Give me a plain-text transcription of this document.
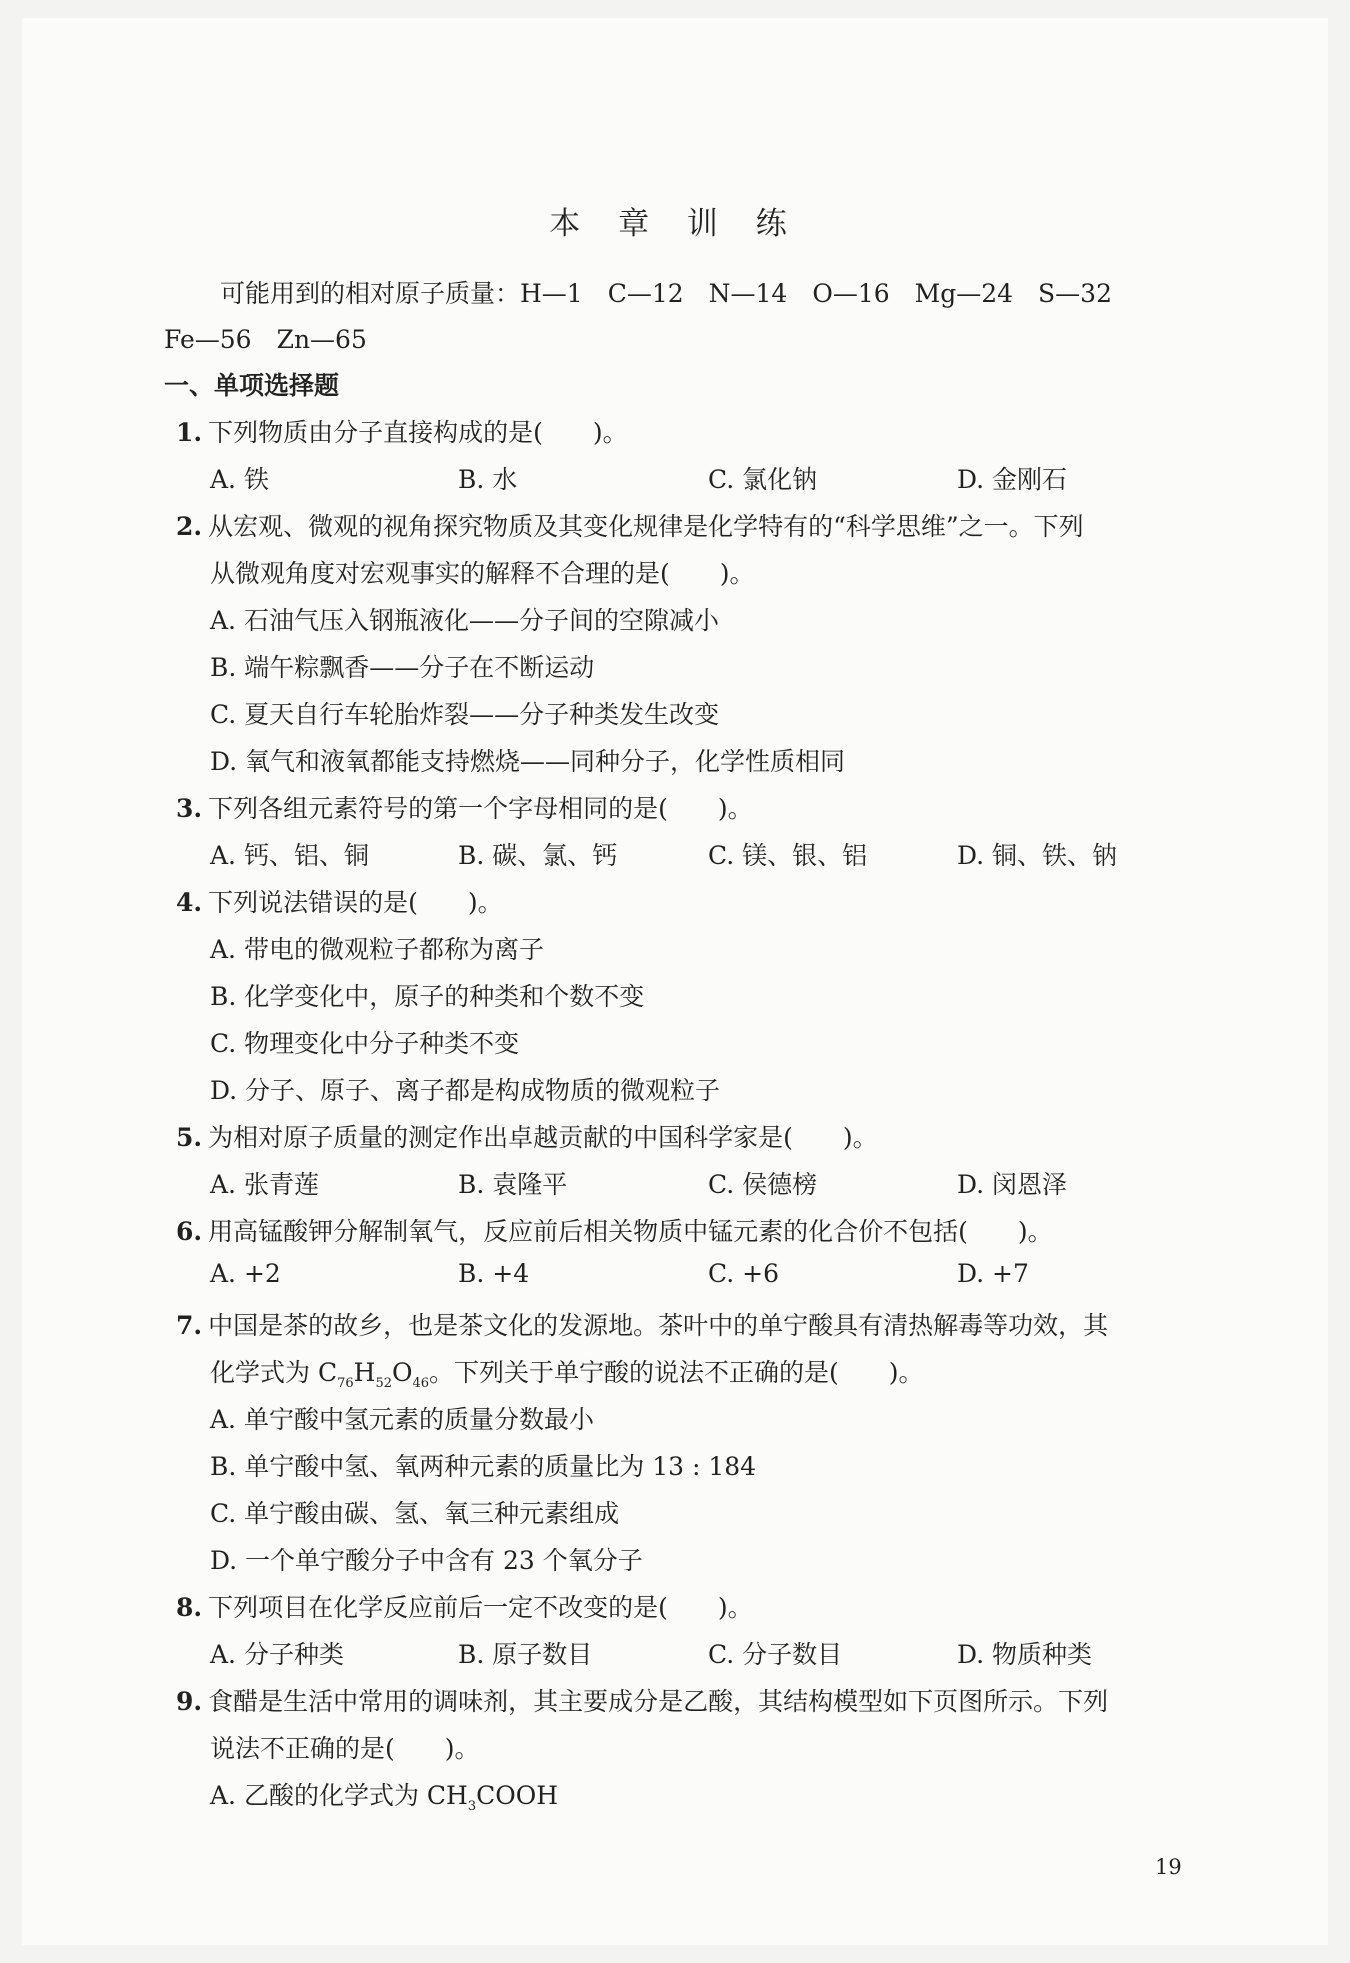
本 章 训 练
可能用到的相对原子质量：H—1　C—12　N—14　O—16　Mg—24　S—32
Fe—56　Zn—65
一、单项选择题
1. 下列物质由分子直接构成的是(　　)。
A. 铁	B. 水	C. 氯化钠	D. 金刚石
2. 从宏观、微观的视角探究物质及其变化规律是化学特有的“科学思维”之一。下列
从微观角度对宏观事实的解释不合理的是(　　)。
A. 石油气压入钢瓶液化——分子间的空隙减小
B. 端午粽飘香——分子在不断运动
C. 夏天自行车轮胎炸裂——分子种类发生改变
D. 氧气和液氧都能支持燃烧——同种分子，化学性质相同
3. 下列各组元素符号的第一个字母相同的是(　　)。
A. 钙、铝、铜	B. 碳、氯、钙	C. 镁、银、铝	D. 铜、铁、钠
4. 下列说法错误的是(　　)。
A. 带电的微观粒子都称为离子
B. 化学变化中，原子的种类和个数不变
C. 物理变化中分子种类不变
D. 分子、原子、离子都是构成物质的微观粒子
5. 为相对原子质量的测定作出卓越贡献的中国科学家是(　　)。
A. 张青莲	B. 袁隆平	C. 侯德榜	D. 闵恩泽
6. 用高锰酸钾分解制氧气，反应前后相关物质中锰元素的化合价不包括(　　)。
A. +2	B. +4	C. +6	D. +7
7. 中国是茶的故乡，也是茶文化的发源地。茶叶中的单宁酸具有清热解毒等功效，其
化学式为 $C_{76}H_{52}O_{46}$。下列关于单宁酸的说法不正确的是(　　)。
A. 单宁酸中氢元素的质量分数最小
B. 单宁酸中氢、氧两种元素的质量比为 13 : 184
C. 单宁酸由碳、氢、氧三种元素组成
D. 一个单宁酸分子中含有 23 个氧分子
8. 下列项目在化学反应前后一定不改变的是(　　)。
A. 分子种类	B. 原子数目	C. 分子数目	D. 物质种类
9. 食醋是生活中常用的调味剂，其主要成分是乙酸，其结构模型如下页图所示。下列
说法不正确的是(　　)。
A. 乙酸的化学式为 $CH_3COOH$
19
